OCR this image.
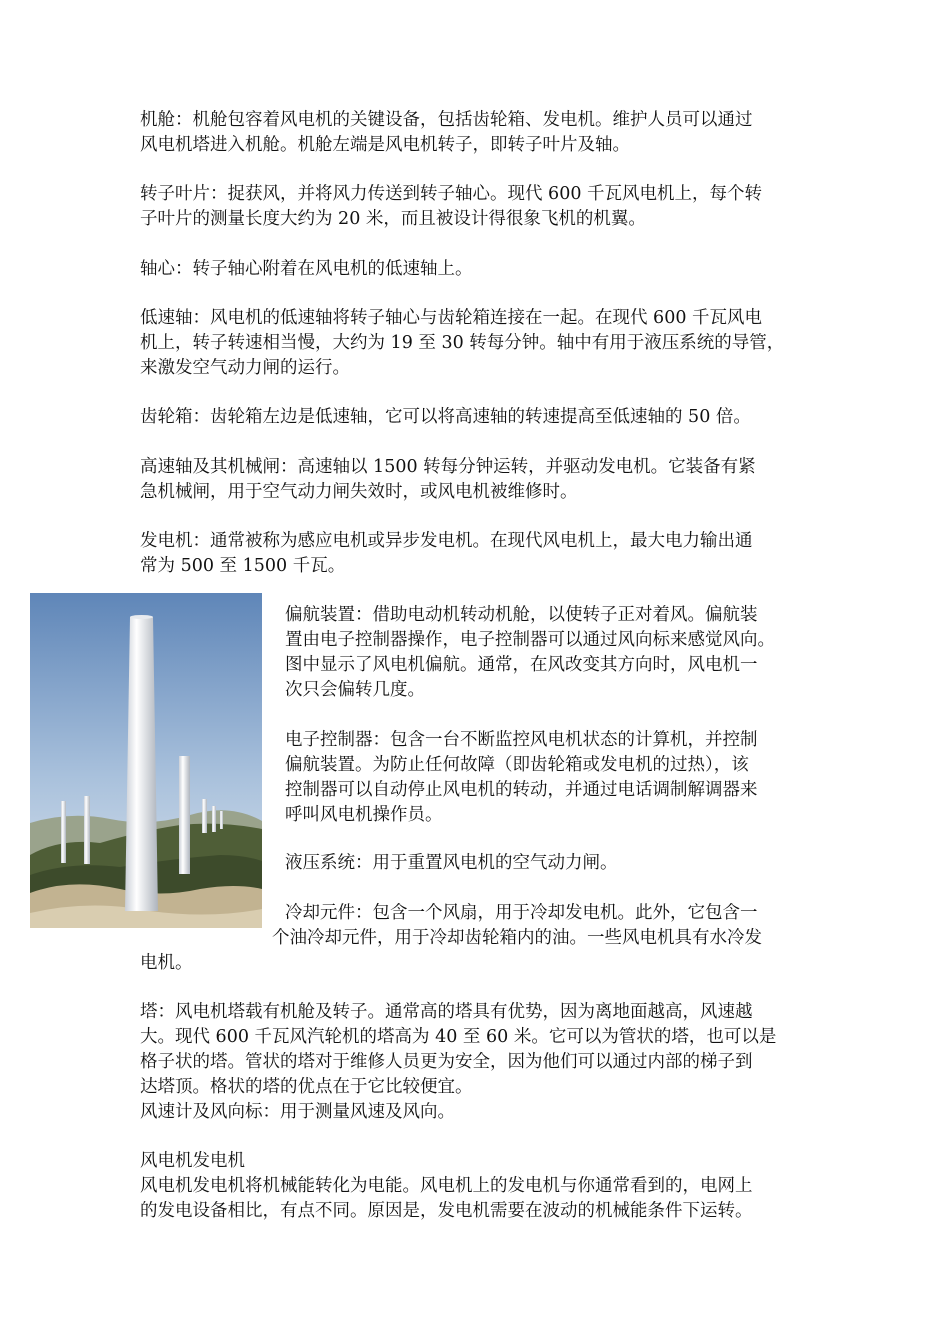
机舱：机舱包容着风电机的关键设备，包括齿轮箱、发电机。维护人员可以通过
风电机塔进入机舱。机舱左端是风电机转子，即转子叶片及轴。

转子叶片：捉获风，并将风力传送到转子轴心。现代 600 千瓦风电机上，每个转
子叶片的测量长度大约为 20 米，而且被设计得很象飞机的机翼。

轴心：转子轴心附着在风电机的低速轴上。

低速轴：风电机的低速轴将转子轴心与齿轮箱连接在一起。在现代 600 千瓦风电
机上，转子转速相当慢，大约为 19 至 30 转每分钟。轴中有用于液压系统的导管，
来激发空气动力闸的运行。

齿轮箱：齿轮箱左边是低速轴，它可以将高速轴的转速提高至低速轴的 50 倍。

高速轴及其机械闸：高速轴以 1500 转每分钟运转，并驱动发电机。它装备有紧
急机械闸，用于空气动力闸失效时，或风电机被维修时。

发电机：通常被称为感应电机或异步发电机。在现代风电机上，最大电力输出通
常为 500 至 1500 千瓦。

偏航装置：借助电动机转动机舱，以使转子正对着风。偏航装
置由电子控制器操作，电子控制器可以通过风向标来感觉风向。
图中显示了风电机偏航。通常，在风改变其方向时，风电机一
次只会偏转几度。

电子控制器：包含一台不断监控风电机状态的计算机，并控制
偏航装置。为防止任何故障（即齿轮箱或发电机的过热），该
控制器可以自动停止风电机的转动，并通过电话调制解调器来
呼叫风电机操作员。

液压系统：用于重置风电机的空气动力闸。

冷却元件：包含一个风扇，用于冷却发电机。此外，它包含一

个油冷却元件，用于冷却齿轮箱内的油。一些风电机具有水冷发
电机。

塔：风电机塔载有机舱及转子。通常高的塔具有优势，因为离地面越高，风速越
大。现代 600 千瓦风汽轮机的塔高为 40 至 60 米。它可以为管状的塔，也可以是
格子状的塔。管状的塔对于维修人员更为安全，因为他们可以通过内部的梯子到
达塔顶。格状的塔的优点在于它比较便宜。

风速计及风向标：用于测量风速及风向。

风电机发电机

风电机发电机将机械能转化为电能。风电机上的发电机与你通常看到的，电网上
的发电设备相比，有点不同。原因是，发电机需要在波动的机械能条件下运转。
